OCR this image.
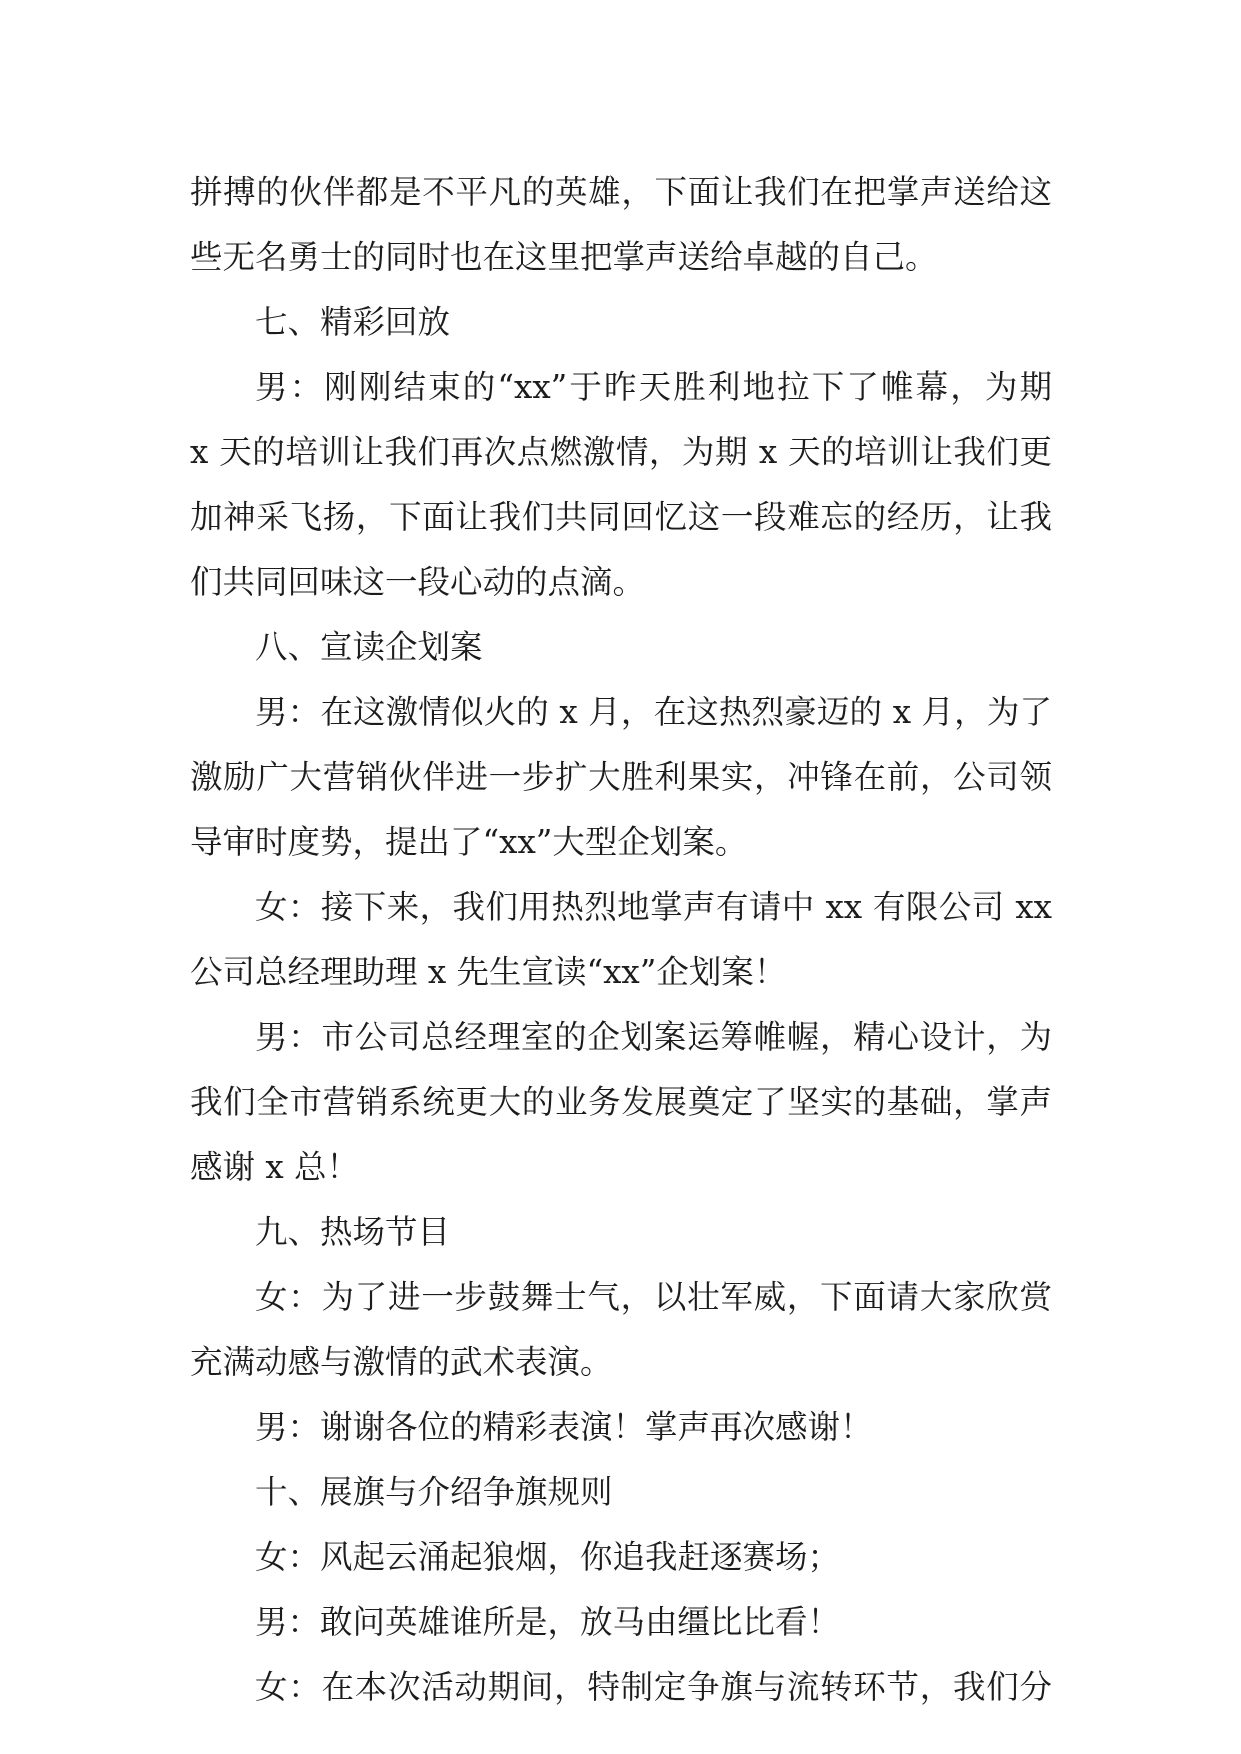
拼搏的伙伴都是不平凡的英雄，下面让我们在把掌声送给这
些无名勇士的同时也在这里把掌声送给卓越的自己。
七、精彩回放
男：刚刚结束的“xx”于昨天胜利地拉下了帷幕，为期
x 天的培训让我们再次点燃激情，为期 x 天的培训让我们更
加神采飞扬，下面让我们共同回忆这一段难忘的经历，让我
们共同回味这一段心动的点滴。
八、宣读企划案
男：在这激情似火的 x 月，在这热烈豪迈的 x 月，为了
激励广大营销伙伴进一步扩大胜利果实，冲锋在前，公司领
导审时度势，提出了“xx”大型企划案。
女：接下来，我们用热烈地掌声有请中 xx 有限公司 xx
公司总经理助理 x 先生宣读“xx”企划案！
男：市公司总经理室的企划案运筹帷幄，精心设计，为
我们全市营销系统更大的业务发展奠定了坚实的基础，掌声
感谢 x 总！
九、热场节目
女：为了进一步鼓舞士气，以壮军威，下面请大家欣赏
充满动感与激情的武术表演。
男：谢谢各位的精彩表演！掌声再次感谢！
十、展旗与介绍争旗规则
女：风起云涌起狼烟，你追我赶逐赛场；
男：敢问英雄谁所是，放马由缰比比看！
女：在本次活动期间，特制定争旗与流转环节，我们分
